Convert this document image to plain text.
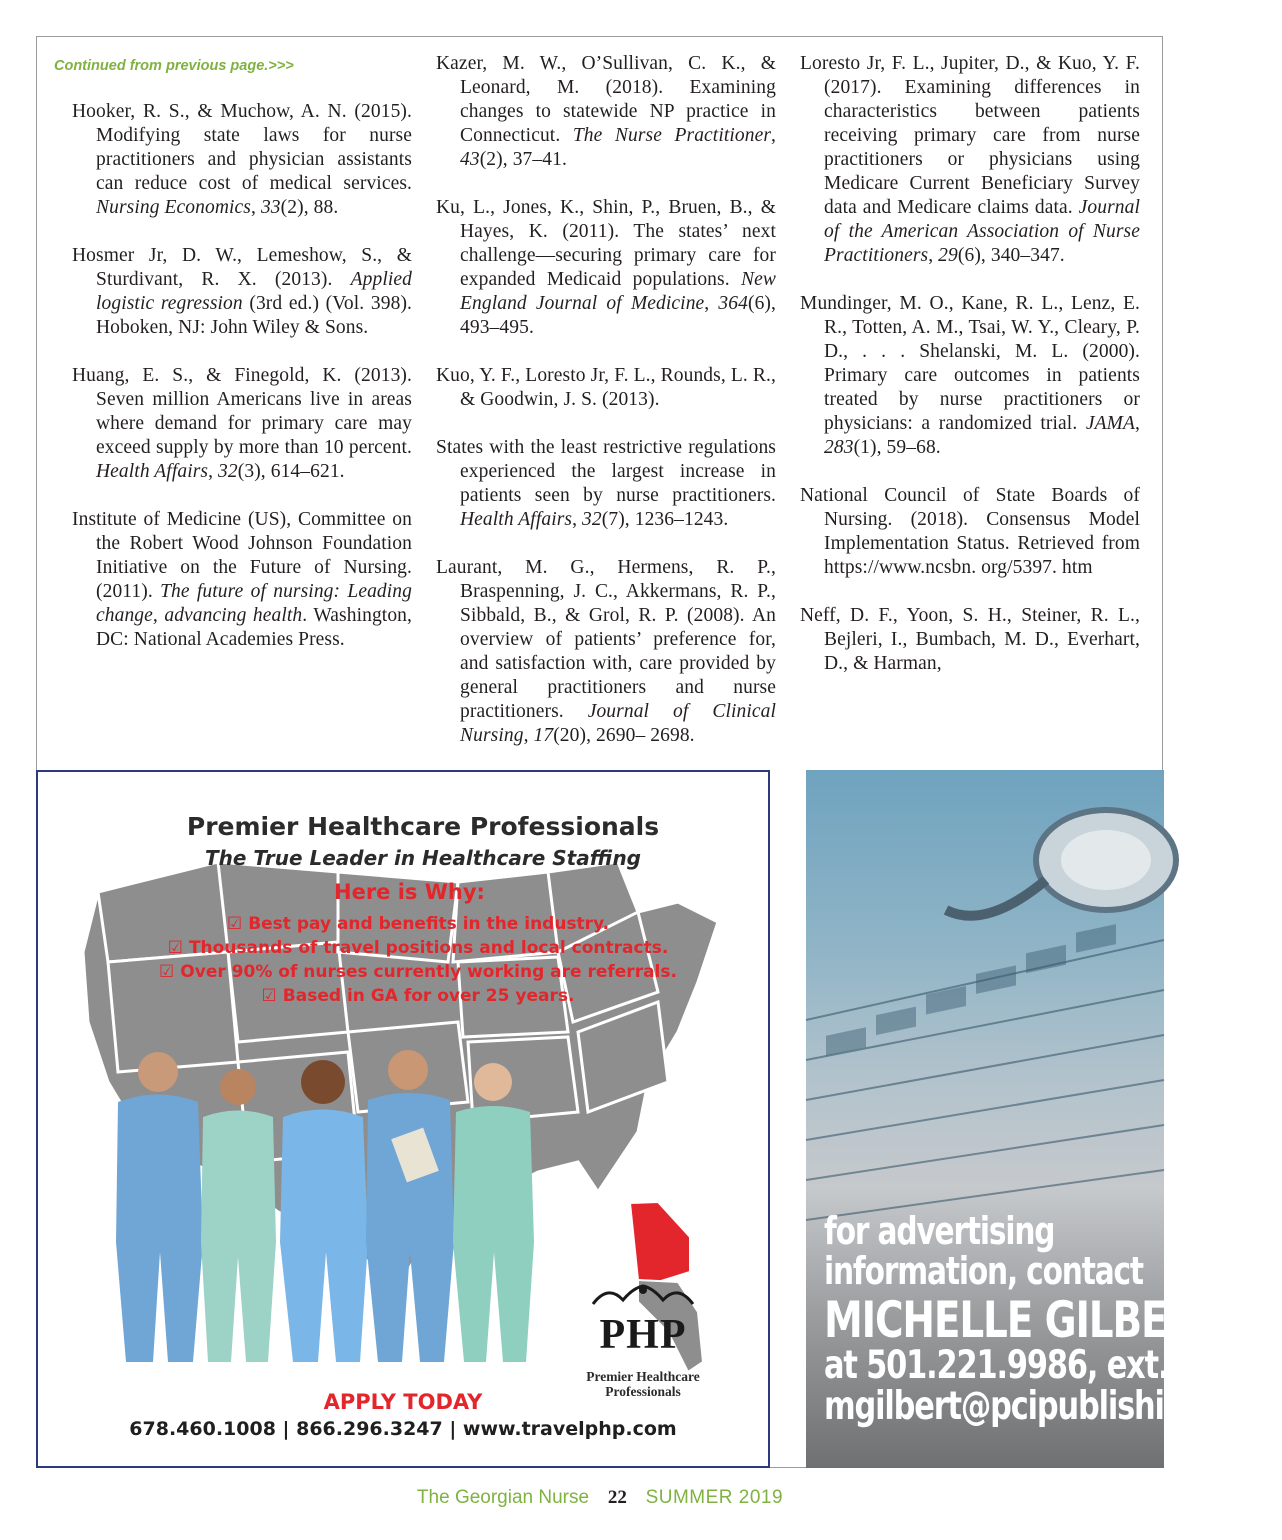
Continued from previous page.>>>

Hooker, R. S., & Muchow, A. N. (2015). Modifying state laws for nurse practitioners and physician assistants can reduce cost of medical services. Nursing Economics, 33(2), 88.

Hosmer Jr, D. W., Lemeshow, S., & Sturdivant, R. X. (2013). Applied logistic regression (3rd ed.) (Vol. 398). Hoboken, NJ: John Wiley & Sons.

Huang, E. S., & Finegold, K. (2013). Seven million Americans live in areas where demand for primary care may exceed supply by more than 10 percent. Health Affairs, 32(3), 614–621.

Institute of Medicine (US), Committee on the Robert Wood Johnson Foundation Initiative on the Future of Nursing. (2011). The future of nursing: Leading change, advancing health. Washington, DC: National Academies Press.

Kazer, M. W., O’Sullivan, C. K., & Leonard, M. (2018). Examining changes to statewide NP practice in Connecticut. The Nurse Practitioner, 43(2), 37–41.

Ku, L., Jones, K., Shin, P., Bruen, B., & Hayes, K. (2011). The states’ next challenge—securing primary care for expanded Medicaid populations. New England Journal of Medicine, 364(6), 493–495.

Kuo, Y. F., Loresto Jr, F. L., Rounds, L. R., & Goodwin, J. S. (2013).

States with the least restrictive regulations experienced the largest increase in patients seen by nurse practitioners. Health Affairs, 32(7), 1236–1243.

Laurant, M. G., Hermens, R. P., Braspenning, J. C., Akkermans, R. P., Sibbald, B., & Grol, R. P. (2008). An overview of patients’ preference for, and satisfaction with, care provided by general practitioners and nurse practitioners. Journal of Clinical Nursing, 17(20), 2690– 2698.

Loresto Jr, F. L., Jupiter, D., & Kuo, Y. F. (2017). Examining differences in characteristics between patients receiving primary care from nurse practitioners or physicians using Medicare Current Beneficiary Survey data and Medicare claims data. Journal of the American Association of Nurse Practitioners, 29(6), 340–347.

Mundinger, M. O., Kane, R. L., Lenz, E. R., Totten, A. M., Tsai, W. Y., Cleary, P. D., . . . Shelanski, M. L. (2000). Primary care outcomes in patients treated by nurse practitioners or physicians: a randomized trial. JAMA, 283(1), 59–68.

National Council of State Boards of Nursing. (2018). Consensus Model Implementation Status. Retrieved from https://www.ncsbn. org/5397. htm

Neff, D. F., Yoon, S. H., Steiner, R. L., Bejleri, I., Bumbach, M. D., Everhart, D., & Harman,

Premier Healthcare Professionals
The True Leader in Healthcare Staffing
Here is Why:
☑ Best pay and benefits in the industry.
☑ Thousands of travel positions and local contracts.
☑ Over 90% of nurses currently working are referrals.
☑ Based in GA for over 25 years.
PHP
Premier Healthcare
Professionals
APPLY TODAY
678.460.1008 | 866.296.3247 | www.travelphp.com
for advertising
information, contact
MICHELLE GILBERT
at 501.221.9986, ext.120 or
mgilbert@pcipublishing.com
The Georgian Nurse 22 SUMMER 2019
